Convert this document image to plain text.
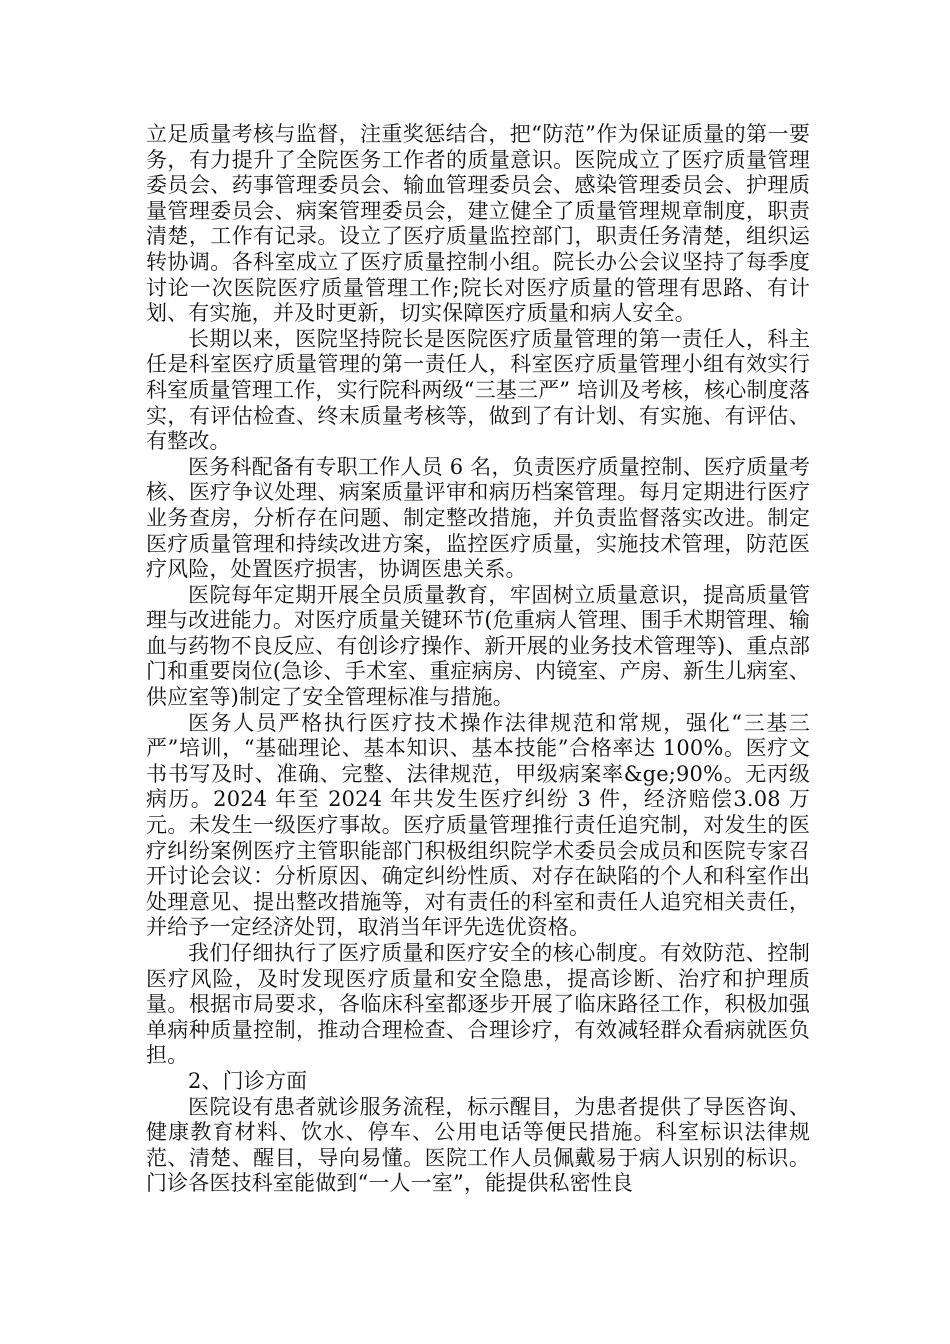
立足质量考核与监督，注重奖惩结合，把“防范”作为保证质量的第一要务，有力提升了全院医务工作者的质量意识。医院成立了医疗质量管理委员会、药事管理委员会、输血管理委员会、感染管理委员会、护理质量管理委员会、病案管理委员会，建立健全了质量管理规章制度，职责清楚，工作有记录。设立了医疗质量监控部门，职责任务清楚，组织运转协调。各科室成立了医疗质量控制小组。院长办公会议坚持了每季度讨论一次医院医疗质量管理工作;院长对医疗质量的管理有思路、有计划、有实施，并及时更新，切实保障医疗质量和病人安全。

长期以来，医院坚持院长是医院医疗质量管理的第一责任人，科主任是科室医疗质量管理的第一责任人，科室医疗质量管理小组有效实行科室质量管理工作，实行院科两级“三基三严” 培训及考核，核心制度落实，有评估检查、终末质量考核等，做到了有计划、有实施、有评估、有整改。

医务科配备有专职工作人员 6 名，负责医疗质量控制、医疗质量考核、医疗争议处理、病案质量评审和病历档案管理。每月定期进行医疗业务查房，分析存在问题、制定整改措施，并负责监督落实改进。制定医疗质量管理和持续改进方案，监控医疗质量，实施技术管理，防范医疗风险，处置医疗损害，协调医患关系。

医院每年定期开展全员质量教育，牢固树立质量意识，提高质量管理与改进能力。对医疗质量关键环节(危重病人管理、围手术期管理、输血与药物不良反应、有创诊疗操作、新开展的业务技术管理等)、重点部门和重要岗位(急诊、手术室、重症病房、内镜室、产房、新生儿病室、供应室等)制定了安全管理标准与措施。

医务人员严格执行医疗技术操作法律规范和常规，强化“三基三严”培训，“基础理论、基本知识、基本技能”合格率达 100%。医疗文书书写及时、准确、完整、法律规范，甲级病案率&ge;90%。无丙级病历。2024 年至 2024 年共发生医疗纠纷 3 件，经济赔偿3.08 万元。未发生一级医疗事故。医疗质量管理推行责任追究制，对发生的医疗纠纷案例医疗主管职能部门积极组织院学术委员会成员和医院专家召开讨论会议：分析原因、确定纠纷性质、对存在缺陷的个人和科室作出处理意见、提出整改措施等，对有责任的科室和责任人追究相关责任，并给予一定经济处罚，取消当年评先选优资格。

我们仔细执行了医疗质量和医疗安全的核心制度。有效防范、控制医疗风险，及时发现医疗质量和安全隐患，提高诊断、治疗和护理质量。根据市局要求，各临床科室都逐步开展了临床路径工作，积极加强单病种质量控制，推动合理检查、合理诊疗，有效减轻群众看病就医负担。

2、门诊方面

医院设有患者就诊服务流程，标示醒目，为患者提供了导医咨询、健康教育材料、饮水、停车、公用电话等便民措施。科室标识法律规范、清楚、醒目，导向易懂。医院工作人员佩戴易于病人识别的标识。门诊各医技科室能做到“一人一室”，能提供私密性良
